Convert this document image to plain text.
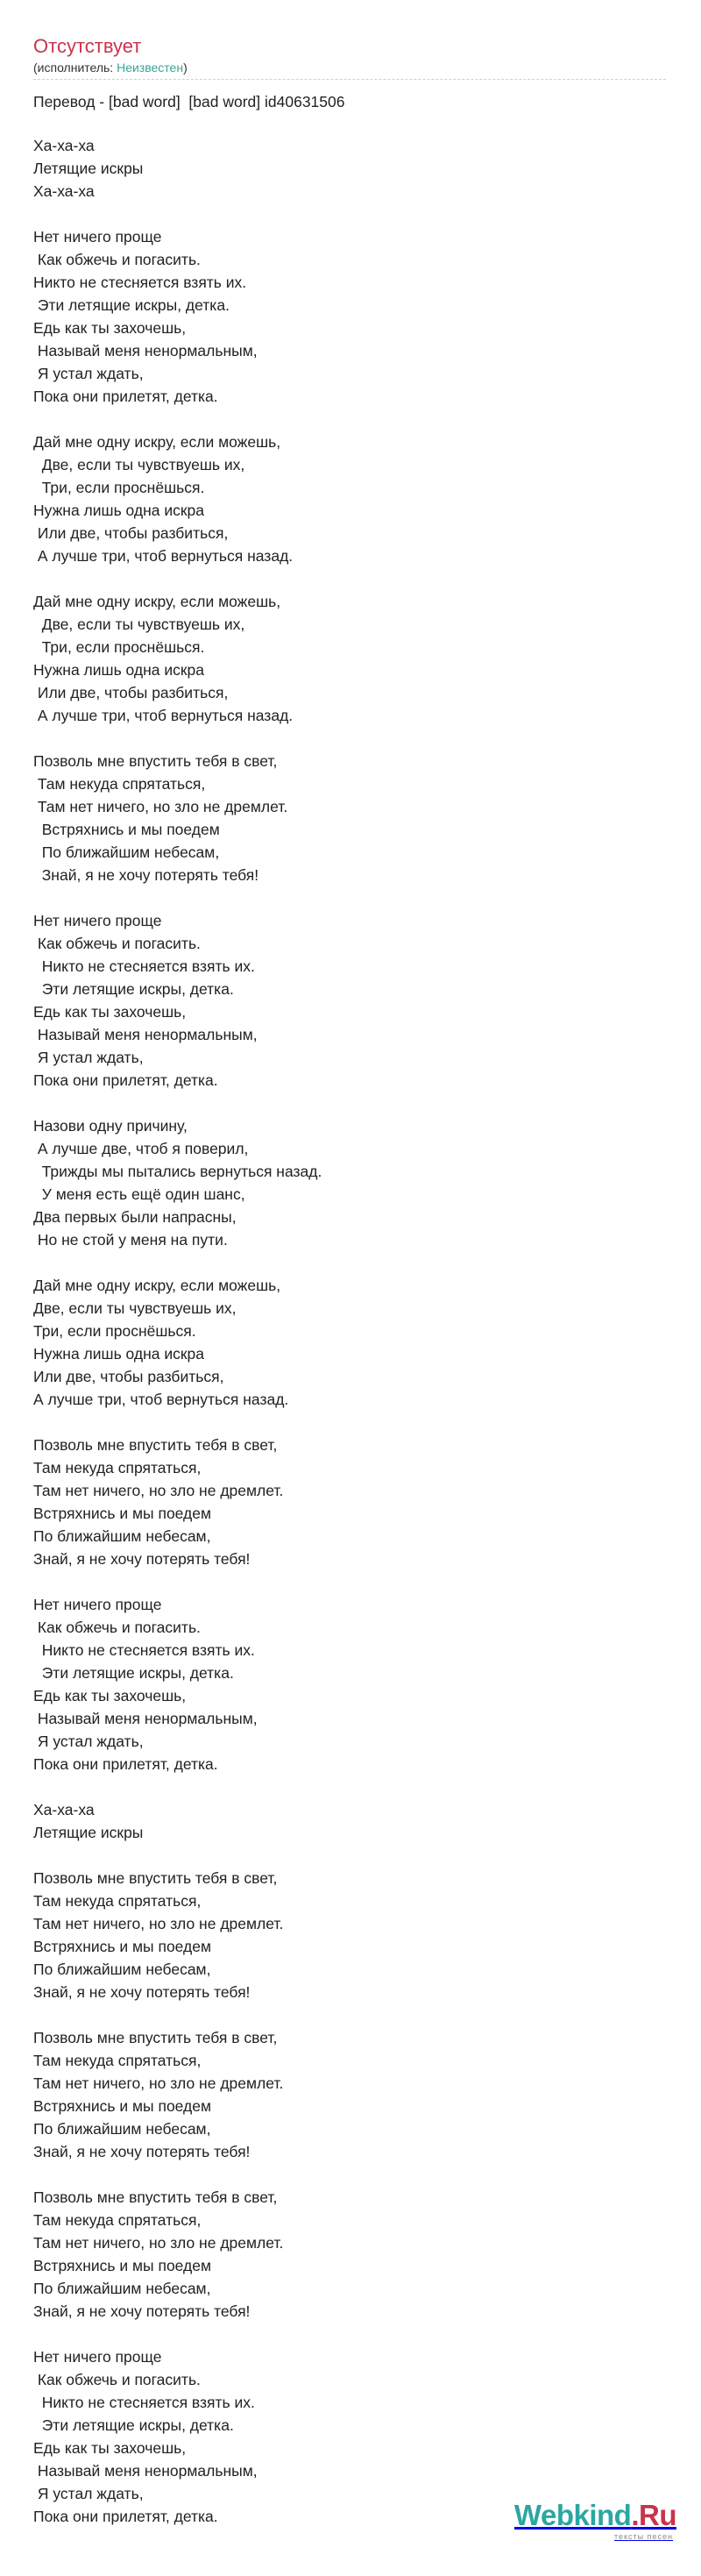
Отсутствует
(исполнитель: Неизвестен)
Перевод - [bad word]  [bad word] id40631506
Ха-ха-ха
Летящие искры
Ха-ха-ха
Нет ничего проще
Как обжечь и погасить.
Никто не стесняется взять их.
Эти летящие искры, детка.
Едь как ты захочешь,
Называй меня ненормальным,
Я устал ждать,
Пока они прилетят, детка.
Дай мне одну искру, если можешь,
Две, если ты чувствуешь их,
Три, если проснёшься.
Нужна лишь одна искра
Или две, чтобы разбиться,
А лучше три, чтоб вернуться назад.
Дай мне одну искру, если можешь,
Две, если ты чувствуешь их,
Три, если проснёшься.
Нужна лишь одна искра
Или две, чтобы разбиться,
А лучше три, чтоб вернуться назад.
Позволь мне впустить тебя в свет,
Там некуда спрятаться,
Там нет ничего, но зло не дремлет.
Встряхнись и мы поедем
По ближайшим небесам,
Знай, я не хочу потерять тебя!
Нет ничего проще
Как обжечь и погасить.
Никто не стесняется взять их.
Эти летящие искры, детка.
Едь как ты захочешь,
Называй меня ненормальным,
Я устал ждать,
Пока они прилетят, детка.
Назови одну причину,
А лучше две, чтоб я поверил,
Трижды мы пытались вернуться назад.
У меня есть ещё один шанс,
Два первых были напрасны,
Но не стой у меня на пути.
Дай мне одну искру, если можешь,
Две, если ты чувствуешь их,
Три, если проснёшься.
Нужна лишь одна искра
Или две, чтобы разбиться,
А лучше три, чтоб вернуться назад.
Позволь мне впустить тебя в свет,
Там некуда спрятаться,
Там нет ничего, но зло не дремлет.
Встряхнись и мы поедем
По ближайшим небесам,
Знай, я не хочу потерять тебя!
Нет ничего проще
Как обжечь и погасить.
Никто не стесняется взять их.
Эти летящие искры, детка.
Едь как ты захочешь,
Называй меня ненормальным,
Я устал ждать,
Пока они прилетят, детка.
Ха-ха-ха
Летящие искры
Позволь мне впустить тебя в свет,
Там некуда спрятаться,
Там нет ничего, но зло не дремлет.
Встряхнись и мы поедем
По ближайшим небесам,
Знай, я не хочу потерять тебя!
Позволь мне впустить тебя в свет,
Там некуда спрятаться,
Там нет ничего, но зло не дремлет.
Встряхнись и мы поедем
По ближайшим небесам,
Знай, я не хочу потерять тебя!
Позволь мне впустить тебя в свет,
Там некуда спрятаться,
Там нет ничего, но зло не дремлет.
Встряхнись и мы поедем
По ближайшим небесам,
Знай, я не хочу потерять тебя!
Нет ничего проще
Как обжечь и погасить.
Никто не стесняется взять их.
Эти летящие искры, детка.
Едь как ты захочешь,
Называй меня ненормальным,
Я устал ждать,
Пока они прилетят, детка.	Webkind.Ru
тексты песен
